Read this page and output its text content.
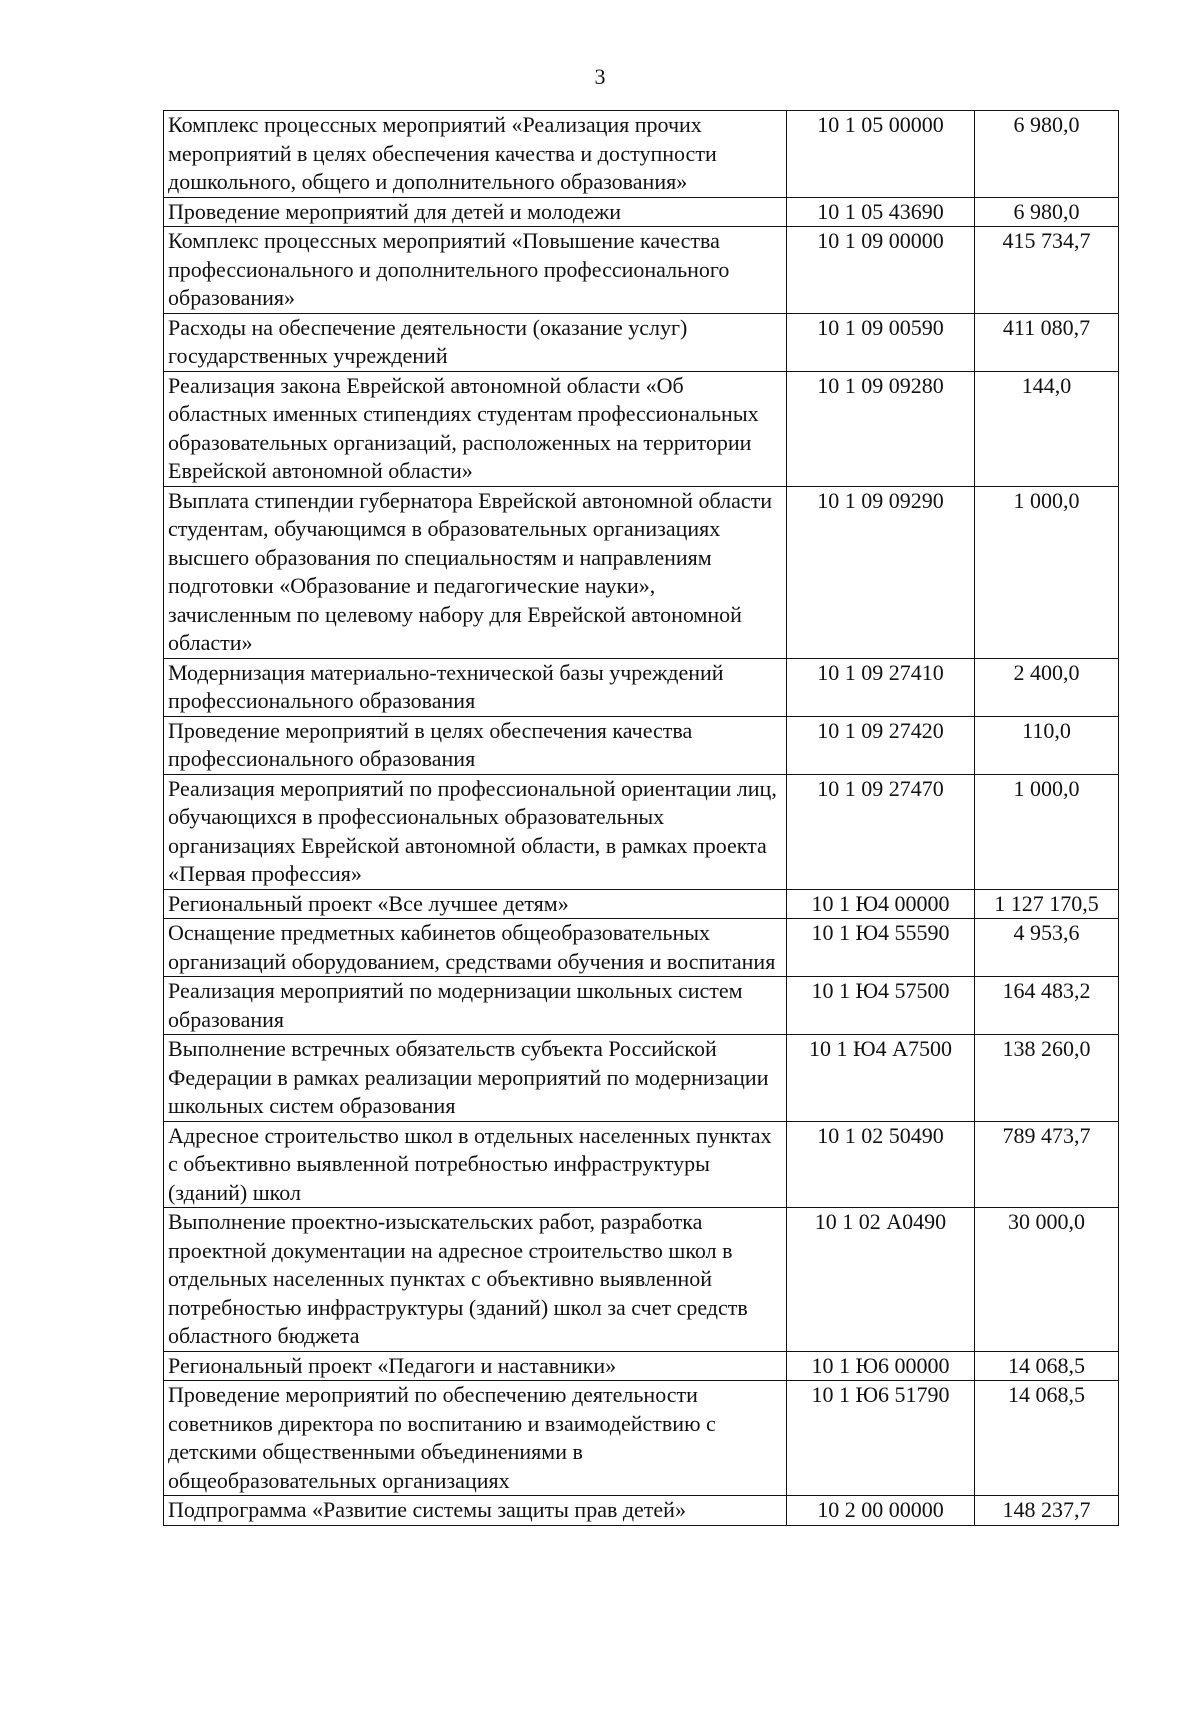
3
Комплекс процессных мероприятий «Реализация прочих мероприятий в целях обеспечения качества и доступности дошкольного, общего и дополнительного образования»	10 1 05 00000	6 980,0
Проведение мероприятий для детей и молодежи	10 1 05 43690	6 980,0
Комплекс процессных мероприятий «Повышение качества профессионального и дополнительного профессионального образования»	10 1 09 00000	415 734,7
Расходы на обеспечение деятельности (оказание услуг) государственных учреждений	10 1 09 00590	411 080,7
Реализация закона Еврейской автономной области «Об областных именных стипендиях студентам профессиональных образовательных организаций, расположенных на территории Еврейской автономной области»	10 1 09 09280	144,0
Выплата стипендии губернатора Еврейской автономной области студентам, обучающимся в образовательных организациях высшего образования по специальностям и направлениям подготовки «Образование и педагогические науки», зачисленным по целевому набору для Еврейской автономной области»	10 1 09 09290	1 000,0
Модернизация материально-технической базы учреждений профессионального образования	10 1 09 27410	2 400,0
Проведение мероприятий в целях обеспечения качества профессионального образования	10 1 09 27420	110,0
Реализация мероприятий по профессиональной ориентации лиц, обучающихся в профессиональных образовательных организациях Еврейской автономной области, в рамках проекта «Первая профессия»	10 1 09 27470	1 000,0
Региональный проект «Все лучшее детям»	10 1 Ю4 00000	1 127 170,5
Оснащение предметных кабинетов общеобразовательных организаций оборудованием, средствами обучения и воспитания	10 1 Ю4 55590	4 953,6
Реализация мероприятий по модернизации школьных систем образования	10 1 Ю4 57500	164 483,2
Выполнение встречных обязательств субъекта Российской Федерации в рамках реализации мероприятий по модернизации школьных систем образования	10 1 Ю4 А7500	138 260,0
Адресное строительство школ в отдельных населенных пунктах с объективно выявленной потребностью инфраструктуры (зданий) школ	10 1 02 50490	789 473,7
Выполнение проектно-изыскательских работ, разработка проектной документации на адресное строительство школ в отдельных населенных пунктах с объективно выявленной потребностью инфраструктуры (зданий) школ за счет средств областного бюджета	10 1 02 А0490	30 000,0
Региональный проект «Педагоги и наставники»	10 1 Ю6 00000	14 068,5
Проведение мероприятий по обеспечению деятельности советников директора по воспитанию и взаимодействию с детскими общественными объединениями в общеобразовательных организациях	10 1 Ю6 51790	14 068,5
Подпрограмма «Развитие системы защиты прав детей»	10 2 00 00000	148 237,7
